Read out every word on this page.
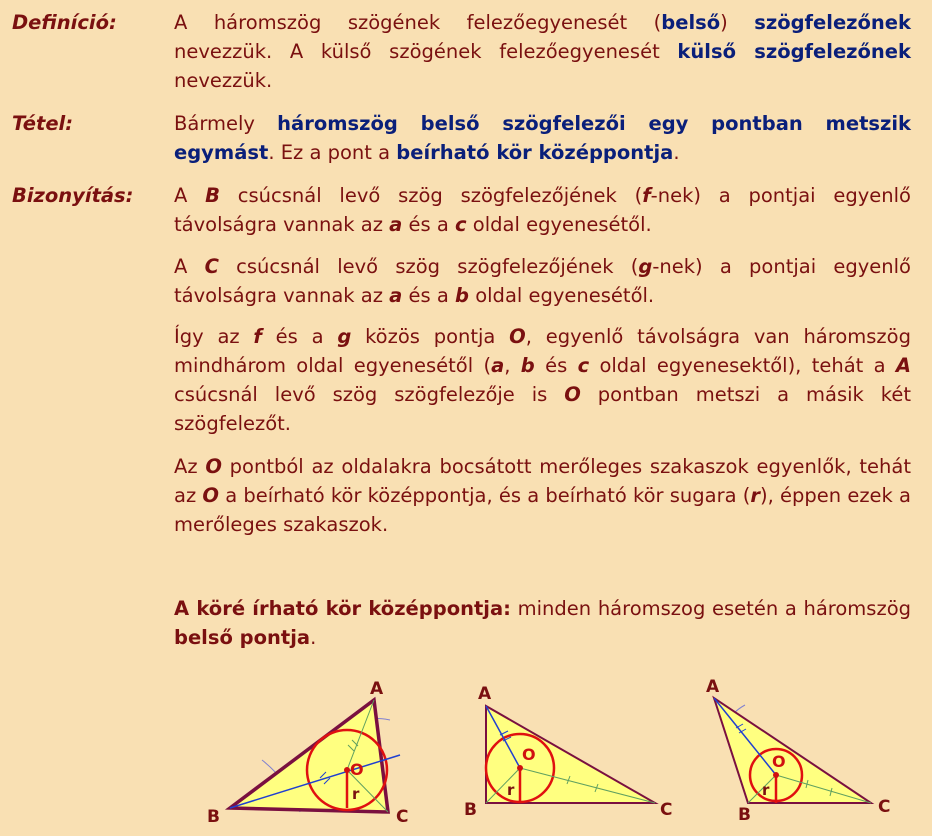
Definíció:	A háromszög szögének felezőegyenesét (belső) szögfelezőnek nevezzük. A külső szögének felezőegyenesét külső szögfelezőnek nevezzük.
Tétel:	Bármely háromszög belső szögfelezői egy pontban metszik egymást. Ez a pont a beírható kör középpontja.
Bizonyítás: A B csúcsnál levő szög szögfelezőjének (f-nek) a pontjai egyenlő távolságra vannak az a és a c oldal egyenesétől.
A C csúcsnál levő szög szögfelezőjének (g-nek) a pontjai egyenlő távolságra vannak az a és a b oldal egyenesétől.
Így az f és a g közös pontja O, egyenlő távolságra van háromszög mindhárom oldal egyenesétől (a, b és c oldal egyenesektől), tehát a A csúcsnál levő szög szögfelezője is O pontban metszi a másik két szögfelezőt.
Az O pontból az oldalakra bocsátott merőleges szakaszok egyenlők, tehát az O a beírható kör középpontja, és a beírható kör sugara (r), éppen ezek a merőleges szakaszok.
A köré írható kör középpontja: minden háromszog esetén a háromszög belső pontja.
A
B	C
O
r
A
B	C
O
r
A
B	C
O
r
